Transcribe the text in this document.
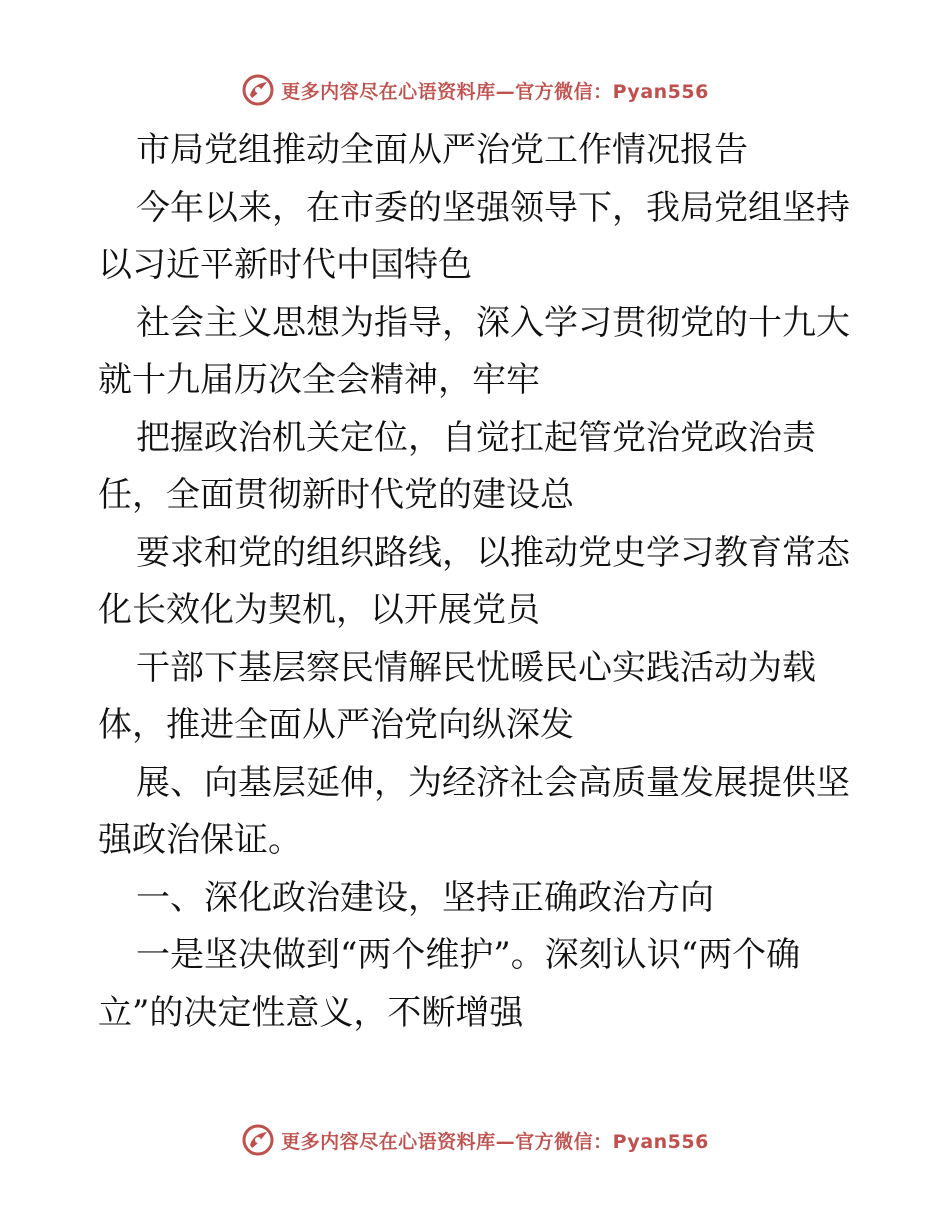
更多内容尽在心语资料库—官方微信：Pyan556

市局党组推动全面从严治党工作情况报告

今年以来，在市委的坚强领导下，我局党组坚持以习近平新时代中国特色

社会主义思想为指导，深入学习贯彻党的十九大就十九届历次全会精神，牢牢

把握政治机关定位，自觉扛起管党治党政治责任，全面贯彻新时代党的建设总

要求和党的组织路线，以推动党史学习教育常态化长效化为契机，以开展党员

干部下基层察民情解民忧暖民心实践活动为载体，推进全面从严治党向纵深发

展、向基层延伸，为经济社会高质量发展提供坚强政治保证。

一、深化政治建设，坚持正确政治方向

一是坚决做到“两个维护”。深刻认识“两个确立”的决定性意义，不断增强

更多内容尽在心语资料库—官方微信：Pyan556
